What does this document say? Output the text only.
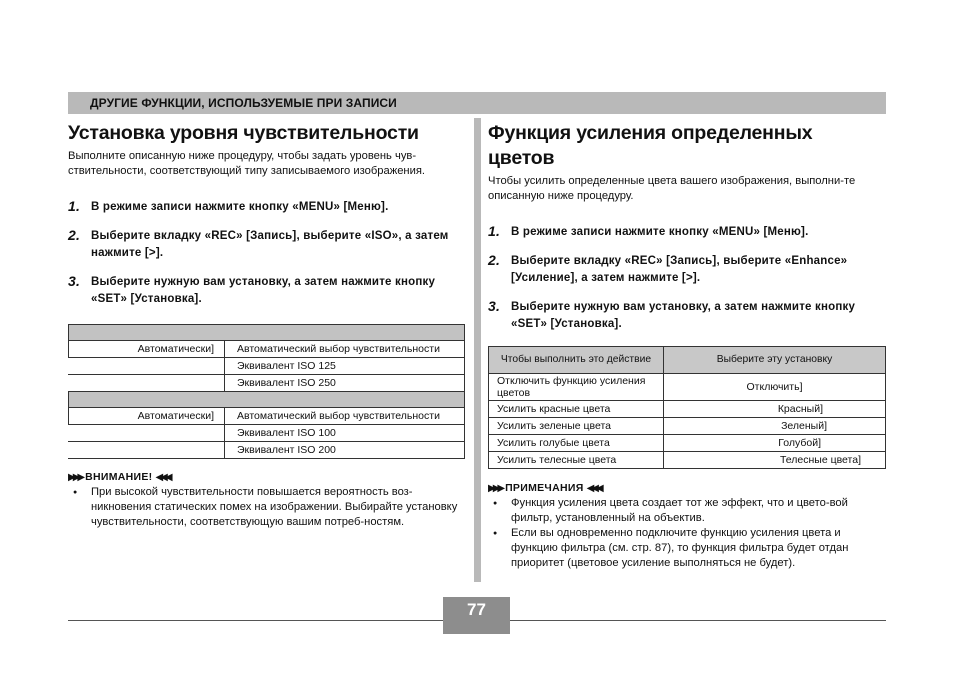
ДРУГИЕ ФУНКЦИИ, ИСПОЛЬЗУЕМЫЕ ПРИ ЗАПИСИ
Установка уровня чувствительности

Выполните описанную ниже процедуру, чтобы задать уровень чув-ствительности, соответствующий типу записываемого изображения.

1. В режиме записи нажмите кнопку «MENU» [Меню].
2. Выберите вкладку «REC» [Запись], выберите «ISO», а затем нажмите [>].
3. Выберите нужную вам установку, а затем нажмите кнопку «SET» [Установка].

Автоматически]	Автоматический выбор чувствительности
	Эквивалент ISO 125
	Эквивалент ISO 250

Автоматически]	Автоматический выбор чувствительности
	Эквивалент ISO 100
	Эквивалент ISO 200
▶▶▶ ВНИМАНИЕ! ◀◀◀
● При высокой чувствительности повышается вероятность воз-никновения статических помех на изображении. Выбирайте установку чувствительности, соответствующую вашим потреб-ностям.
Функция усиления определенных цветов

Чтобы усилить определенные цвета вашего изображения, выполни-те описанную ниже процедуру.

1. В режиме записи нажмите кнопку «MENU» [Меню].
2. Выберите вкладку «REC» [Запись], выберите «Enhance» [Усиление], а затем нажмите [>].
3. Выберите нужную вам установку, а затем нажмите кнопку «SET» [Установка].
Чтобы выполнить это действие	Выберите эту установку
Отключить функцию усиления цветов	Отключить]
Усилить красные цвета	Красный]
Усилить зеленые цвета	Зеленый]
Усилить голубые цвета	Голубой]
Усилить телесные цвета	Телесные цвета]
▶▶▶ ПРИМЕЧАНИЯ ◀◀◀
● Функция усиления цвета создает тот же эффект, что и цвето-вой фильтр, установленный на объектив.
● Если вы одновременно подключите функцию усиления цвета и функцию фильтра (см. стр. 87), то функция фильтра будет отдан приоритет (цветовое усиление выполняться не будет).
77
